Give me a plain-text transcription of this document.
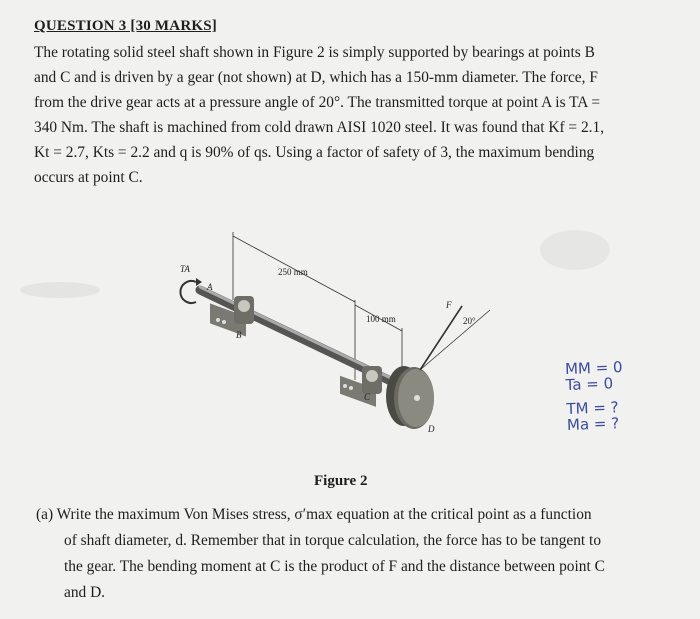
QUESTION 3 [30 MARKS]
The rotating solid steel shaft shown in Figure 2 is simply supported by bearings at points B
and C and is driven by a gear (not shown) at D, which has a 150-mm diameter. The force, F
from the drive gear acts at a pressure angle of 20°. The transmitted torque at point A is TA =
340 Nm. The shaft is machined from cold drawn AISI 1020 steel. It was found that Kf = 2.1,
Kt = 2.7, Kts = 2.2 and q is 90% of qs. Using a factor of safety of 3, the maximum bending
occurs at point C.
TA
A
B
C
D
F
250 mm
100 mm	20°
MM = 0
Ta = 0
TM = ?
Ma = ?
Figure 2
(a) Write the maximum Von Mises stress, σ′max equation at the critical point as a function
of shaft diameter, d. Remember that in torque calculation, the force has to be tangent to
the gear. The bending moment at C is the product of F and the distance between point C
and D.
